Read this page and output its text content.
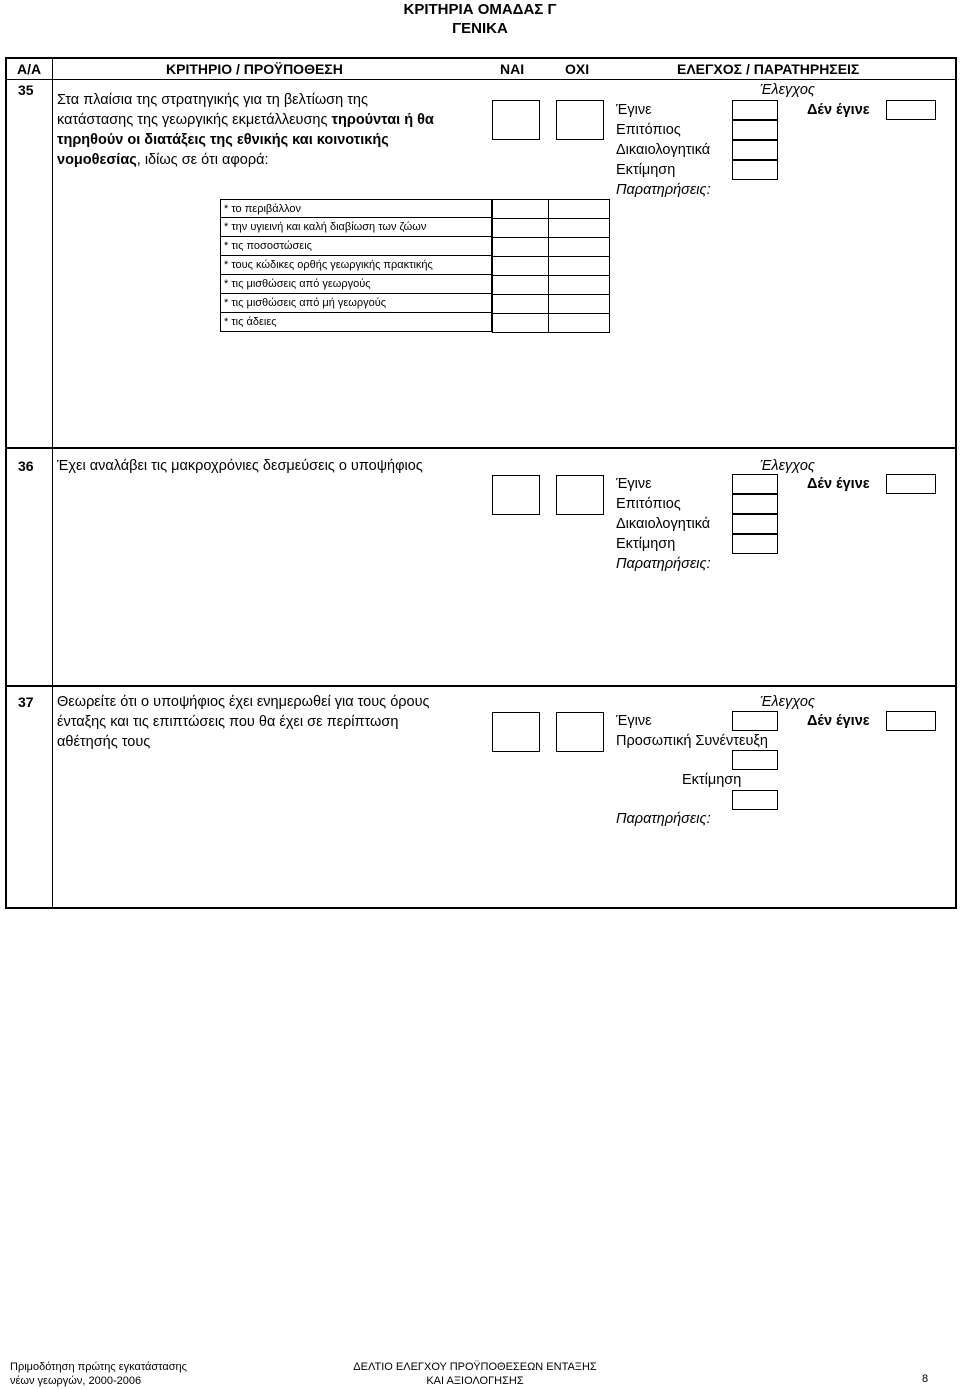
ΚΡΙΤΗΡΙΑ ΟΜΑΔΑΣ Γ
ΓΕΝΙΚΑ
Α/Α	ΚΡΙΤΗΡΙΟ / ΠΡΟΫΠΟΘΕΣΗ	ΝΑΙ	ΟΧΙ	ΕΛΕΓΧΟΣ / ΠΑΡΑΤΗΡΗΣΕΙΣ
35
Στα πλαίσια της στρατηγικής για τη βελτίωση της
κατάστασης της γεωργικής εκμετάλλευσης τηρούνται ή θα
τηρηθούν οι διατάξεις της εθνικής και κοινοτικής
νομοθεσίας, ιδίως σε ότι αφορά:
* το περιβάλλον
* την υγιεινή και καλή διαβίωση των ζώων
* τις ποσοστώσεις
* τους κώδικες ορθής γεωργικής πρακτικής
* τις μισθώσεις από γεωργούς
* τις μισθώσεις από μή γεωργούς
* τις άδειες
Έλεγχος
Έγινε	Δέν έγινε
Επιτόπιος
Δικαιολογητικά
Εκτίμηση
Παρατηρήσεις:
36 Έχει αναλάβει τις μακροχρόνιες δεσμεύσεις ο υποψήφιος	Έλεγχος
Έγινε	Δέν έγινε
Επιτόπιος
Δικαιολογητικά
Εκτίμηση
Παρατηρήσεις:
37 Θεωρείτε ότι ο υποψήφιος έχει ενημερωθεί για τους όρους
ένταξης και τις επιπτώσεις που θα έχει σε περίπτωση
αθέτησής τους
Έλεγχος
Έγινε	Δέν έγινε
Προσωπική Συνέντευξη
Εκτίμηση
Παρατηρήσεις:
Πριμοδότηση πρώτης εγκατάστασης
νέων γεωργών, 2000-2006
ΔΕΛΤΙΟ ΕΛΕΓΧΟΥ ΠΡΟΫΠΟΘΕΣΕΩΝ ΕΝΤΑΞΗΣ
ΚΑΙ ΑΞΙΟΛΟΓΗΣΗΣ	8
